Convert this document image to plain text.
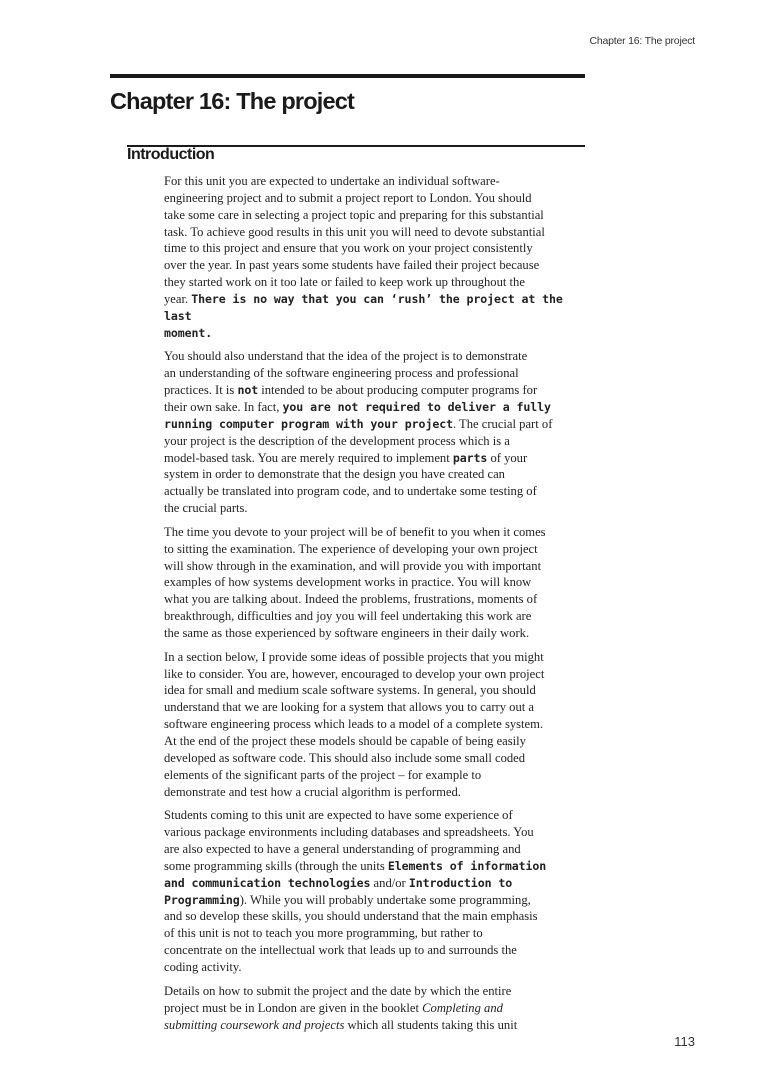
Chapter 16: The project
Chapter 16: The project
Introduction

For this unit you are expected to undertake an individual software-
engineering project and to submit a project report to London. You should
take some care in selecting a project topic and preparing for this substantial
task. To achieve good results in this unit you will need to devote substantial
time to this project and ensure that you work on your project consistently
over the year. In past years some students have failed their project because
they started work on it too late or failed to keep work up throughout the
year. There is no way that you can ‘rush’ the project at the last
moment.

You should also understand that the idea of the project is to demonstrate
an understanding of the software engineering process and professional
practices. It is not intended to be about producing computer programs for
their own sake. In fact, you are not required to deliver a fully
running computer program with your project. The crucial part of
your project is the description of the development process which is a
model-based task. You are merely required to implement parts of your
system in order to demonstrate that the design you have created can
actually be translated into program code, and to undertake some testing of
the crucial parts.

The time you devote to your project will be of benefit to you when it comes
to sitting the examination. The experience of developing your own project
will show through in the examination, and will provide you with important
examples of how systems development works in practice. You will know
what you are talking about. Indeed the problems, frustrations, moments of
breakthrough, difficulties and joy you will feel undertaking this work are
the same as those experienced by software engineers in their daily work.

In a section below, I provide some ideas of possible projects that you might
like to consider. You are, however, encouraged to develop your own project
idea for small and medium scale software systems. In general, you should
understand that we are looking for a system that allows you to carry out a
software engineering process which leads to a model of a complete system.
At the end of the project these models should be capable of being easily
developed as software code. This should also include some small coded
elements of the significant parts of the project – for example to
demonstrate and test how a crucial algorithm is performed.

Students coming to this unit are expected to have some experience of
various package environments including databases and spreadsheets. You
are also expected to have a general understanding of programming and
some programming skills (through the units Elements of information
and communication technologies and/or Introduction to
Programming). While you will probably undertake some programming,
and so develop these skills, you should understand that the main emphasis
of this unit is not to teach you more programming, but rather to
concentrate on the intellectual work that leads up to and surrounds the
coding activity.

Details on how to submit the project and the date by which the entire
project must be in London are given in the booklet Completing and
submitting coursework and projects which all students taking this unit

113
